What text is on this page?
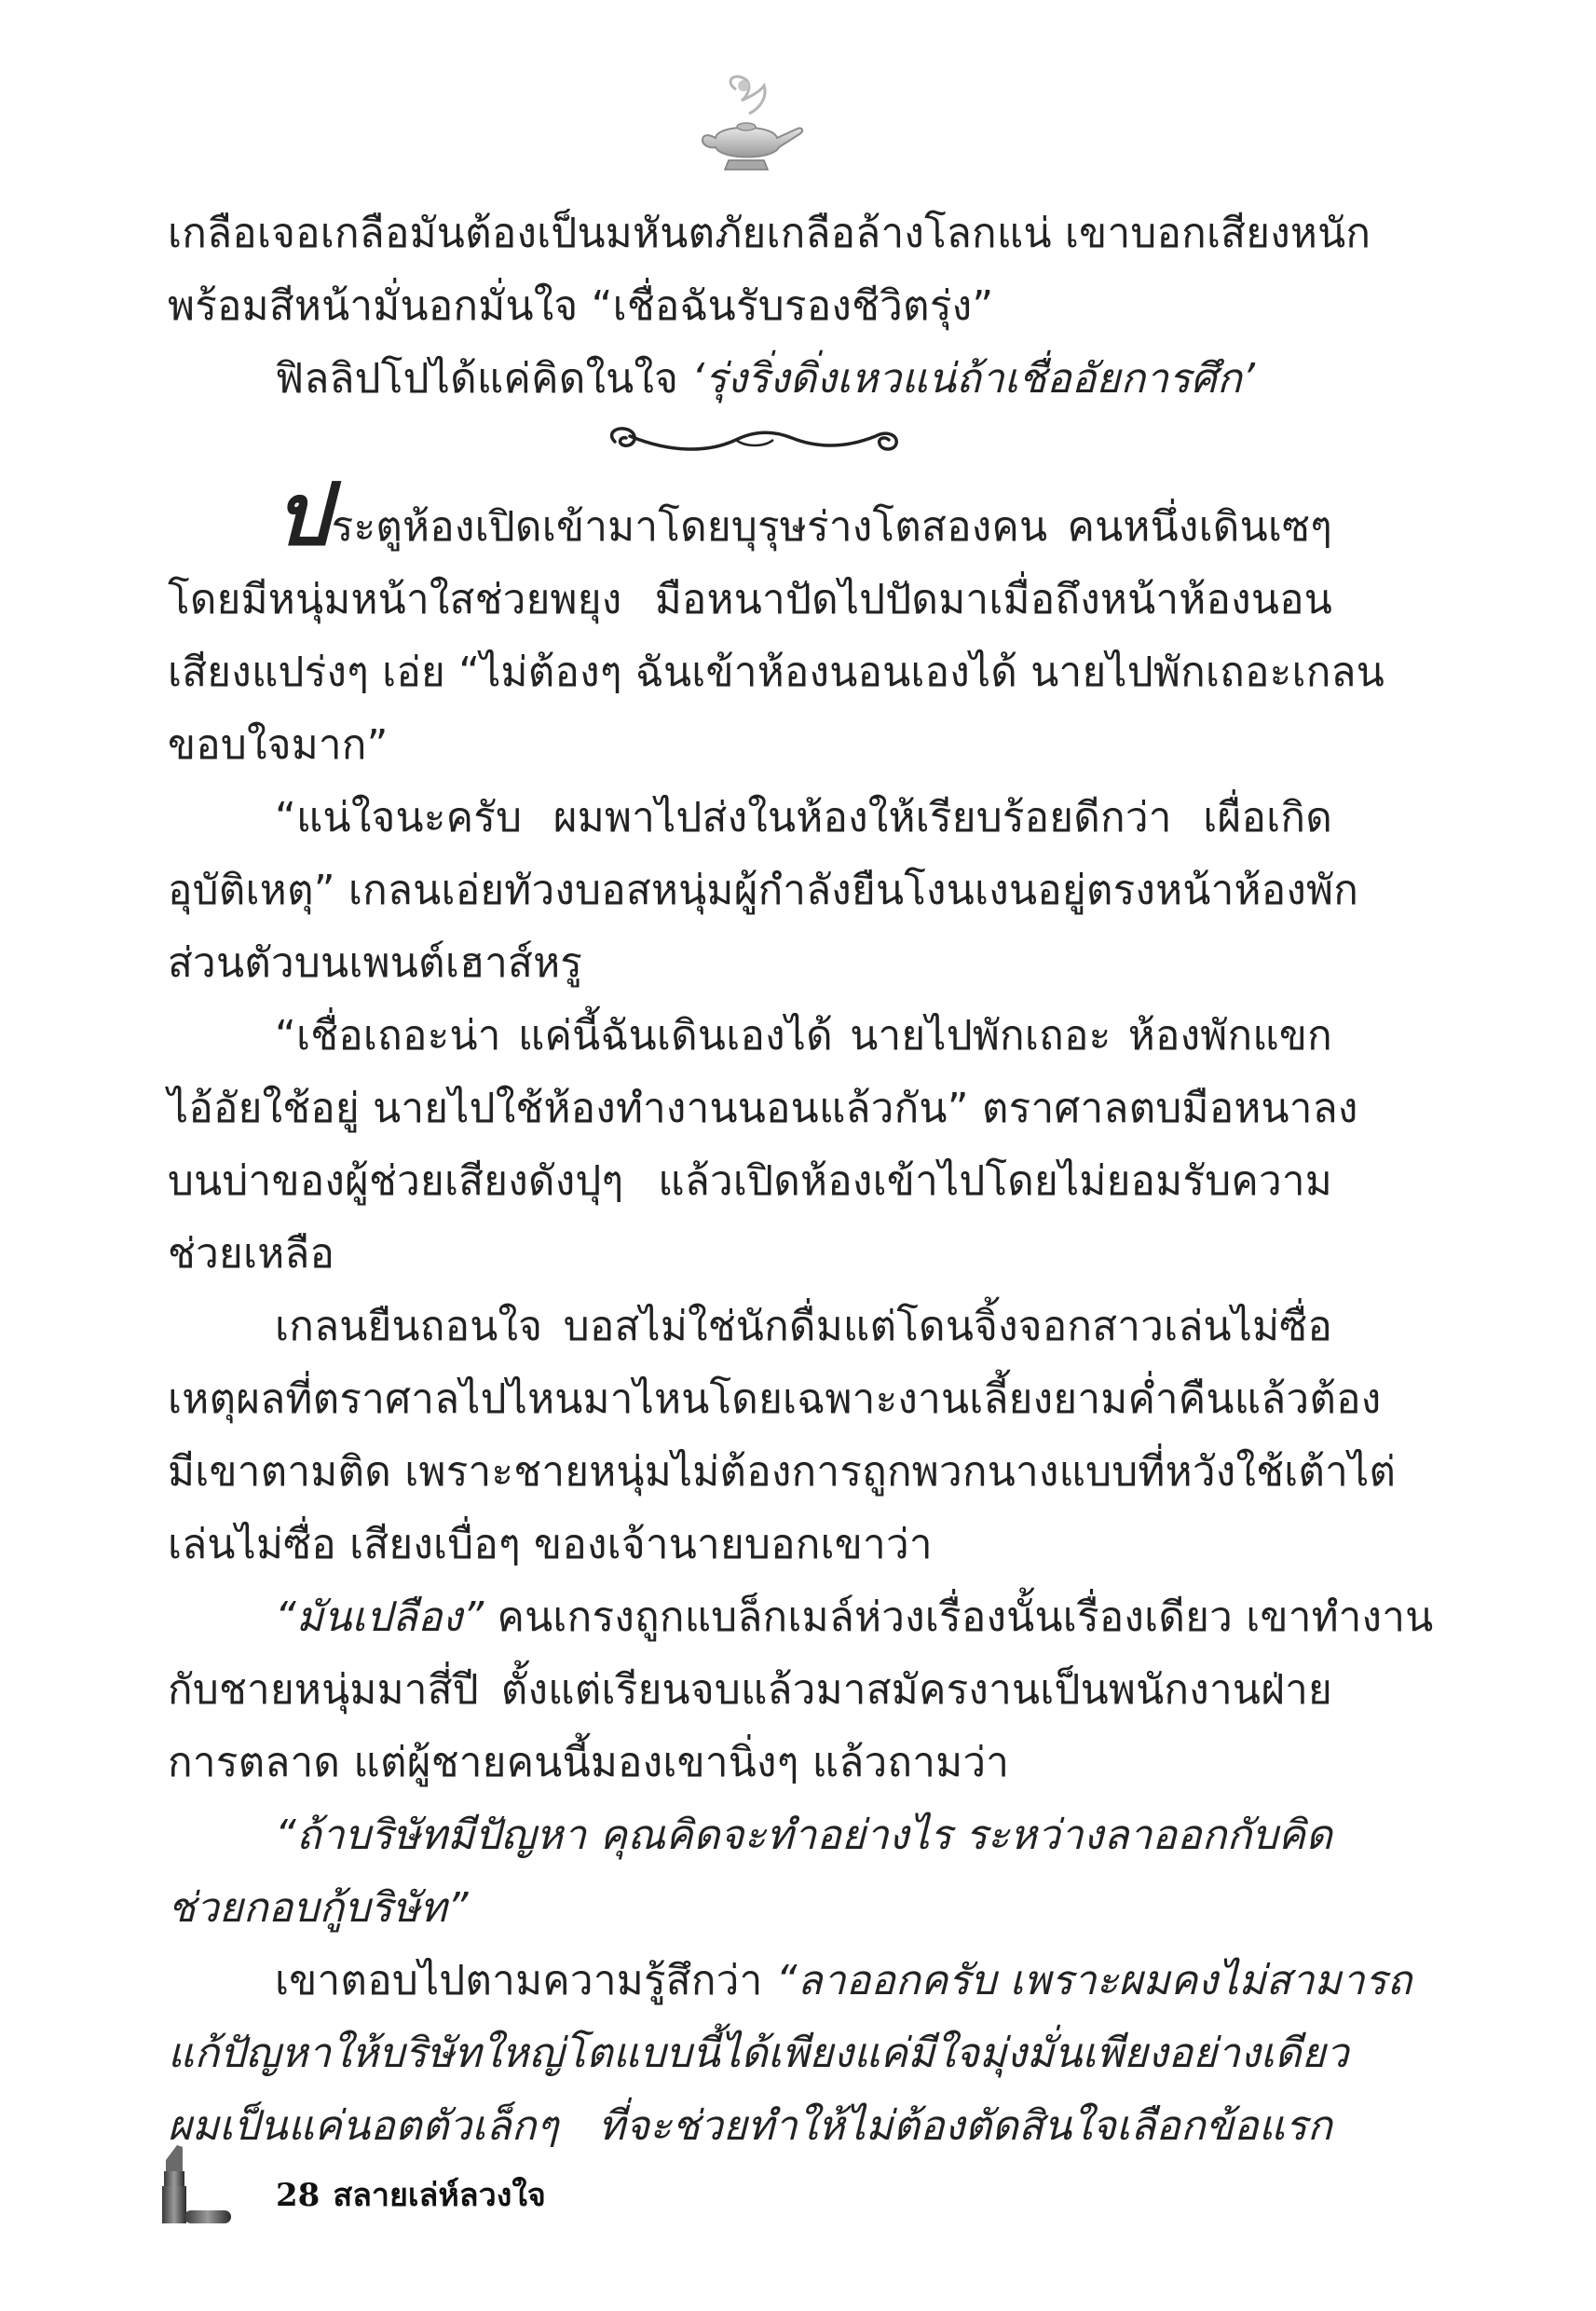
เกลือเจอเกลือมันต้องเป็นมหันตภัยเกลือล้างโลกแน่ เขาบอกเสียงหนัก

พร้อมสีหน้ามั่นอกมั่นใจ “เชื่อฉันรับรองชีวิตรุ่ง”

ฟิลลิปโปได้แค่คิดในใจ ‘รุ่งริ่งดิ่งเหวแน่ถ้าเชื่ออัยการศึก’

ประตูห้องเปิดเข้ามาโดยบุรุษร่างโตสองคน คนหนึ่งเดินเซๆ

โดยมีหนุ่มหน้าใสช่วยพยุง มือหนาปัดไปปัดมาเมื่อถึงหน้าห้องนอน

เสียงแปร่งๆ เอ่ย “ไม่ต้องๆ ฉันเข้าห้องนอนเองได้ นายไปพักเถอะเกลน

ขอบใจมาก”

“แน่ใจนะครับ ผมพาไปส่งในห้องให้เรียบร้อยดีกว่า เผื่อเกิด

อุบัติเหตุ” เกลนเอ่ยทัวงบอสหนุ่มผู้กำลังยืนโงนเงนอยู่ตรงหน้าห้องพัก

ส่วนตัวบนเพนต์เฮาส์หรู

“เชื่อเถอะน่า แค่นี้ฉันเดินเองได้ นายไปพักเถอะ ห้องพักแขก

ไอ้อัยใช้อยู่ นายไปใช้ห้องทำงานนอนแล้วกัน” ตราศาลตบมือหนาลง

บนบ่าของผู้ช่วยเสียงดังปุๆ แล้วเปิดห้องเข้าไปโดยไม่ยอมรับความ

ช่วยเหลือ

เกลนยืนถอนใจ บอสไม่ใช่นักดื่มแต่โดนจิ้งจอกสาวเล่นไม่ซื่อ

เหตุผลที่ตราศาลไปไหนมาไหนโดยเฉพาะงานเลี้ยงยามค่ำคืนแล้วต้อง

มีเขาตามติด เพราะชายหนุ่มไม่ต้องการถูกพวกนางแบบที่หวังใช้เต้าไต่

เล่นไม่ซื่อ เสียงเบื่อๆ ของเจ้านายบอกเขาว่า

“มันเปลือง” คนเกรงถูกแบล็กเมล์ห่วงเรื่องนั้นเรื่องเดียว เขาทำงาน

กับชายหนุ่มมาสี่ปี ตั้งแต่เรียนจบแล้วมาสมัครงานเป็นพนักงานฝ่าย

การตลาด แต่ผู้ชายคนนี้มองเขานิ่งๆ แล้วถามว่า

“ถ้าบริษัทมีปัญหา คุณคิดจะทำอย่างไร ระหว่างลาออกกับคิด

ช่วยกอบกู้บริษัท”

เขาตอบไปตามความรู้สึกว่า “ลาออกครับ เพราะผมคงไม่สามารถ

แก้ปัญหาให้บริษัทใหญ่โตแบบนี้ได้เพียงแค่มีใจมุ่งมั่นเพียงอย่างเดียว

ผมเป็นแค่นอตตัวเล็กๆ ที่จะช่วยทำให้ไม่ต้องตัดสินใจเลือกข้อแรก

28 สลายเล่ห์ลวงใจ
